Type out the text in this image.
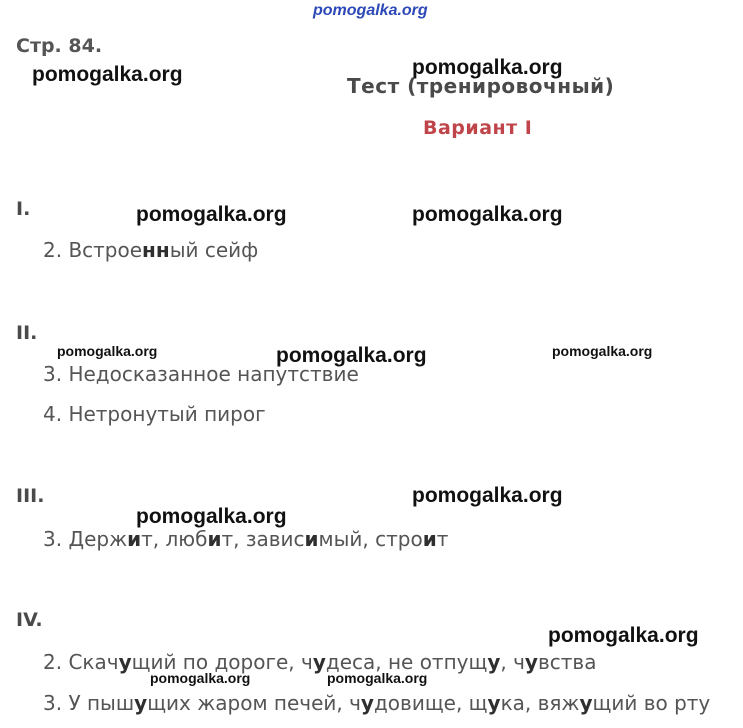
pomogalka.org
Стр. 84.
pomogalka.org	Тест (тренировочный)
pomogalka.org
Вариант I
I.	pomogalka.org	pomogalka.org
2. Встроенный сейф
II.
pomogalka.org	pomogalka.org	pomogalka.org
3. Недосказанное напутствие
4. Нетронутый пирог
III.	pomogalka.org
pomogalka.org
3. Держит, любит, зависимый, строит
IV.
pomogalka.org
2. Скачущий по дороге, чудеса, не отпущу, чувства
pomogalka.org	pomogalka.org
3. У пышущих жаром печей, чудовище, щука, вяжущий во рту
